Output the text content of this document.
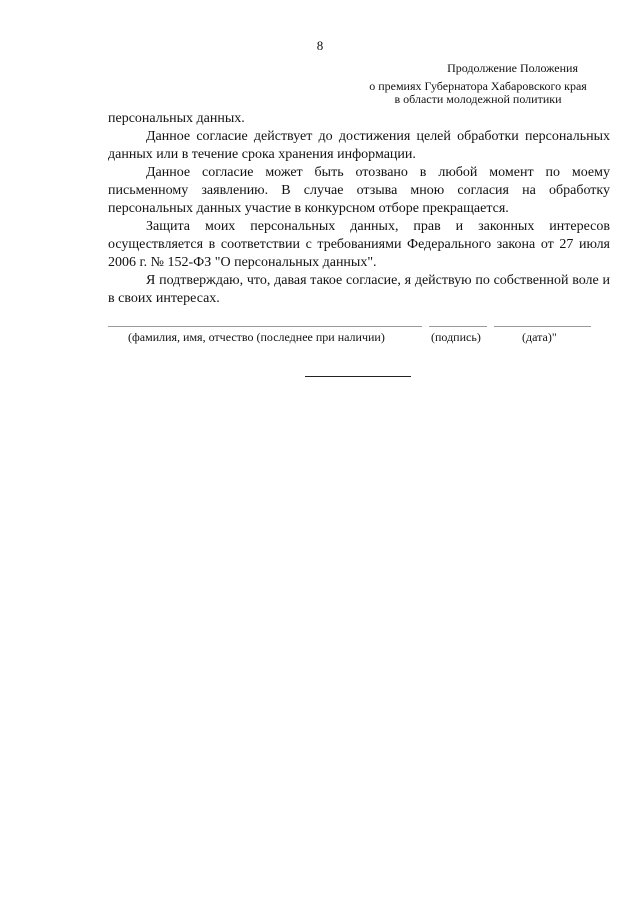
8
Продолжение Положения
о премиях Губернатора Хабаровского края
в области молодежной политики

персональных данных.

Данное согласие действует до достижения целей обработки персональных данных или в течение срока хранения информации.

Данное согласие может быть отозвано в любой момент по моему письменному заявлению. В случае отзыва мною согласия на обработку персональных данных участие в конкурсном отборе прекращается.

Защита моих персональных данных, прав и законных интересов осуществляется в соответствии с требованиями Федерального закона от 27 июля 2006 г. № 152-ФЗ "О персональных данных".

Я подтверждаю, что, давая такое согласие, я действую по собственной воле и в своих интересах.

(фамилия, имя, отчество (последнее при наличии)	(подпись)	(дата)"
